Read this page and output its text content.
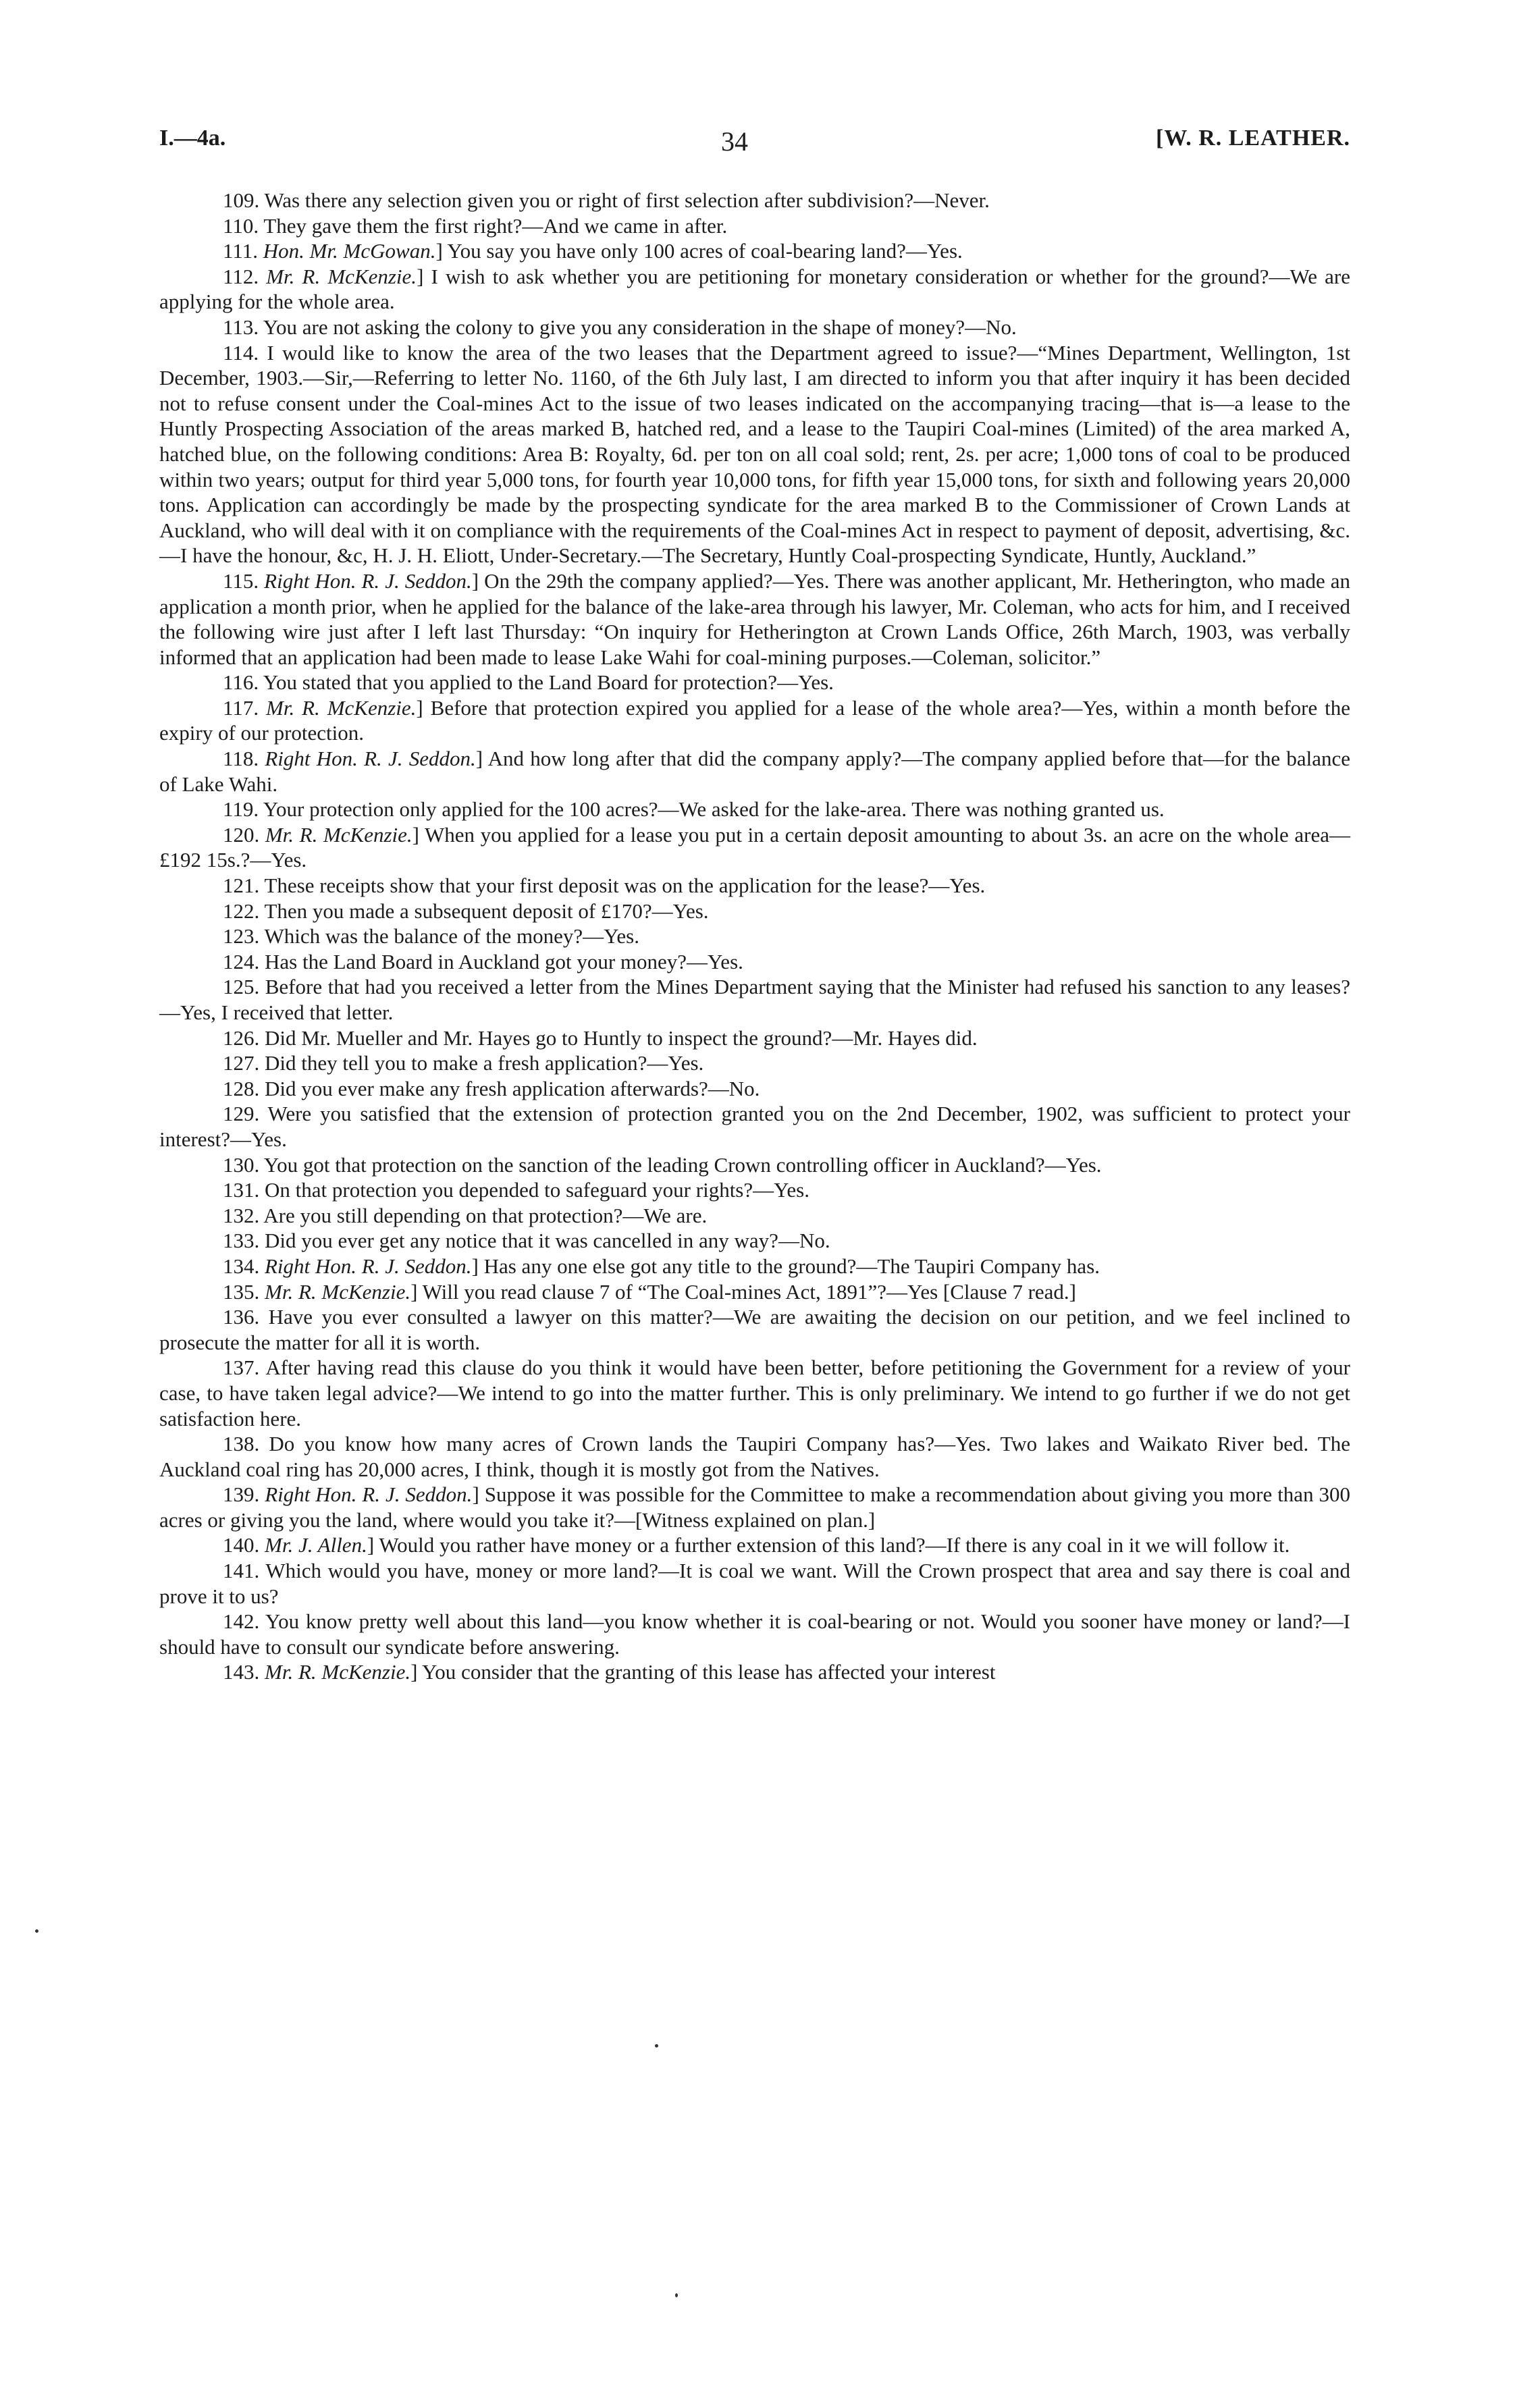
I.—4a.	34	[W. R. LEATHER.

109. Was there any selection given you or right of first selection after subdivision?—Never.

110. They gave them the first right?—And we came in after.

111. Hon. Mr. McGowan.] You say you have only 100 acres of coal-bearing land?—Yes.

112. Mr. R. McKenzie.] I wish to ask whether you are petitioning for monetary consideration or whether for the ground?—We are applying for the whole area.

113. You are not asking the colony to give you any consideration in the shape of money?—No.

114. I would like to know the area of the two leases that the Department agreed to issue?—“Mines Department, Wellington, 1st December, 1903.—Sir,—Referring to letter No. 1160, of the 6th July last, I am directed to inform you that after inquiry it has been decided not to refuse consent under the Coal-mines Act to the issue of two leases indicated on the accompanying tracing—that is—a lease to the Huntly Prospecting Association of the areas marked B, hatched red, and a lease to the Taupiri Coal-mines (Limited) of the area marked A, hatched blue, on the following conditions: Area B: Royalty, 6d. per ton on all coal sold; rent, 2s. per acre; 1,000 tons of coal to be produced within two years; output for third year 5,000 tons, for fourth year 10,000 tons, for fifth year 15,000 tons, for sixth and following years 20,000 tons. Application can accordingly be made by the prospecting syndicate for the area marked B to the Commissioner of Crown Lands at Auckland, who will deal with it on compliance with the requirements of the Coal-mines Act in respect to payment of deposit, advertising, &c.—I have the honour, &c, H. J. H. Eliott, Under-Secretary.—The Secretary, Huntly Coal-prospecting Syndicate, Huntly, Auckland.”

115. Right Hon. R. J. Seddon.] On the 29th the company applied?—Yes. There was another applicant, Mr. Hetherington, who made an application a month prior, when he applied for the balance of the lake-area through his lawyer, Mr. Coleman, who acts for him, and I received the following wire just after I left last Thursday: “On inquiry for Hetherington at Crown Lands Office, 26th March, 1903, was verbally informed that an application had been made to lease Lake Wahi for coal-mining purposes.—Coleman, solicitor.”

116. You stated that you applied to the Land Board for protection?—Yes.

117. Mr. R. McKenzie.] Before that protection expired you applied for a lease of the whole area?—Yes, within a month before the expiry of our protection.

118. Right Hon. R. J. Seddon.] And how long after that did the company apply?—The company applied before that—for the balance of Lake Wahi.

119. Your protection only applied for the 100 acres?—We asked for the lake-area. There was nothing granted us.

120. Mr. R. McKenzie.] When you applied for a lease you put in a certain deposit amounting to about 3s. an acre on the whole area—£192 15s.?—Yes.

121. These receipts show that your first deposit was on the application for the lease?—Yes.

122. Then you made a subsequent deposit of £170?—Yes.

123. Which was the balance of the money?—Yes.

124. Has the Land Board in Auckland got your money?—Yes.

125. Before that had you received a letter from the Mines Department saying that the Minister had refused his sanction to any leases?—Yes, I received that letter.

126. Did Mr. Mueller and Mr. Hayes go to Huntly to inspect the ground?—Mr. Hayes did.

127. Did they tell you to make a fresh application?—Yes.

128. Did you ever make any fresh application afterwards?—No.

129. Were you satisfied that the extension of protection granted you on the 2nd December, 1902, was sufficient to protect your interest?—Yes.

130. You got that protection on the sanction of the leading Crown controlling officer in Auckland?—Yes.

131. On that protection you depended to safeguard your rights?—Yes.

132. Are you still depending on that protection?—We are.

133. Did you ever get any notice that it was cancelled in any way?—No.

134. Right Hon. R. J. Seddon.] Has any one else got any title to the ground?—The Taupiri Company has.

135. Mr. R. McKenzie.] Will you read clause 7 of “The Coal-mines Act, 1891”?—Yes [Clause 7 read.]

136. Have you ever consulted a lawyer on this matter?—We are awaiting the decision on our petition, and we feel inclined to prosecute the matter for all it is worth.

137. After having read this clause do you think it would have been better, before petitioning the Government for a review of your case, to have taken legal advice?—We intend to go into the matter further. This is only preliminary. We intend to go further if we do not get satisfaction here.

138. Do you know how many acres of Crown lands the Taupiri Company has?—Yes. Two lakes and Waikato River bed. The Auckland coal ring has 20,000 acres, I think, though it is mostly got from the Natives.

139. Right Hon. R. J. Seddon.] Suppose it was possible for the Committee to make a recommendation about giving you more than 300 acres or giving you the land, where would you take it?—[Witness explained on plan.]

140. Mr. J. Allen.] Would you rather have money or a further extension of this land?—If there is any coal in it we will follow it.

141. Which would you have, money or more land?—It is coal we want. Will the Crown prospect that area and say there is coal and prove it to us?

142. You know pretty well about this land—you know whether it is coal-bearing or not. Would you sooner have money or land?—I should have to consult our syndicate before answering.

143. Mr. R. McKenzie.] You consider that the granting of this lease has affected your interest
